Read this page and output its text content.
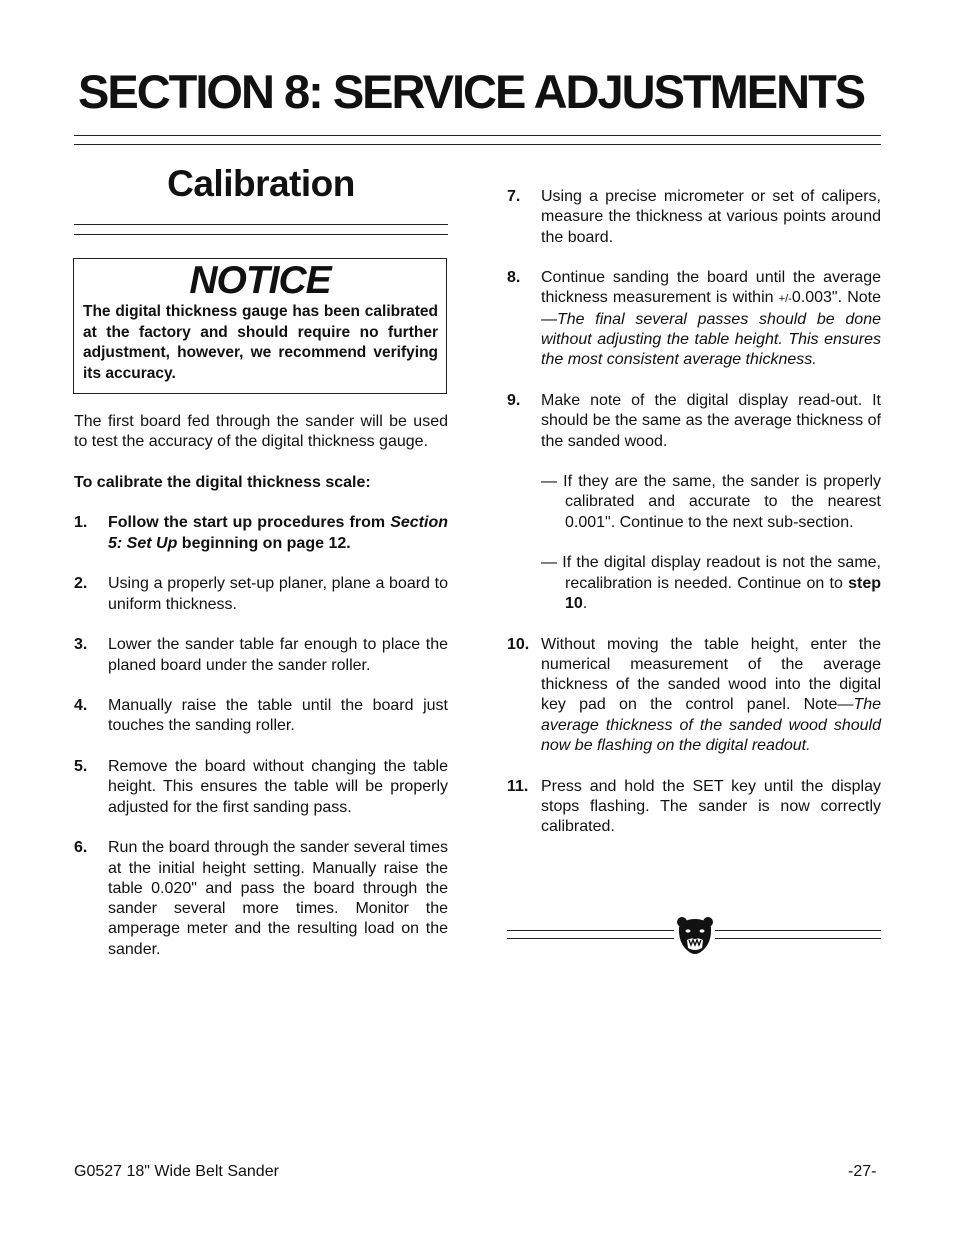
SECTION 8: SERVICE ADJUSTMENTS
Calibration
NOTICE
The digital thickness gauge has been calibrated at the factory and should require no further adjustment, however, we recommend verifying its accuracy.

The first board fed through the sander will be used to test the accuracy of the digital thickness gauge.

To calibrate the digital thickness scale:

1.	Follow the start up procedures from Section 5: Set Up beginning on page 12.
2.	Using a properly set-up planer, plane a board to uniform thickness.
3.	Lower the sander table far enough to place the planed board under the sander roller.
4.	Manually raise the table until the board just touches the sanding roller.
5.	Remove the board without changing the table height. This ensures the table will be properly adjusted for the first sanding pass.
6.	Run the board through the sander several times at the initial height setting. Manually raise the table 0.020" and pass the board through the sander several more times. Monitor the amperage meter and the resulting load on the sander.
7.	Using a precise micrometer or set of calipers, measure the thickness at various points around the board.
8.	Continue sanding the board until the average thickness measurement is within +/-0.003". Note—The final several passes should be done without adjusting the table height. This ensures the most consistent average thickness.
9.	Make note of the digital display read-out. It should be the same as the average thickness of the sanded wood.
— If they are the same, the sander is properly calibrated and accurate to the nearest 0.001". Continue to the next sub-section.
— If the digital display readout is not the same, recalibration is needed. Continue on to step 10.
10. Without moving the table height, enter the numerical measurement of the average thickness of the sanded wood into the digital key pad on the control panel. Note—The average thickness of the sanded wood should now be flashing on the digital readout.
11. Press and hold the SET key until the display stops flashing. The sander is now correctly calibrated.
G0527 18" Wide Belt Sander	-27-
